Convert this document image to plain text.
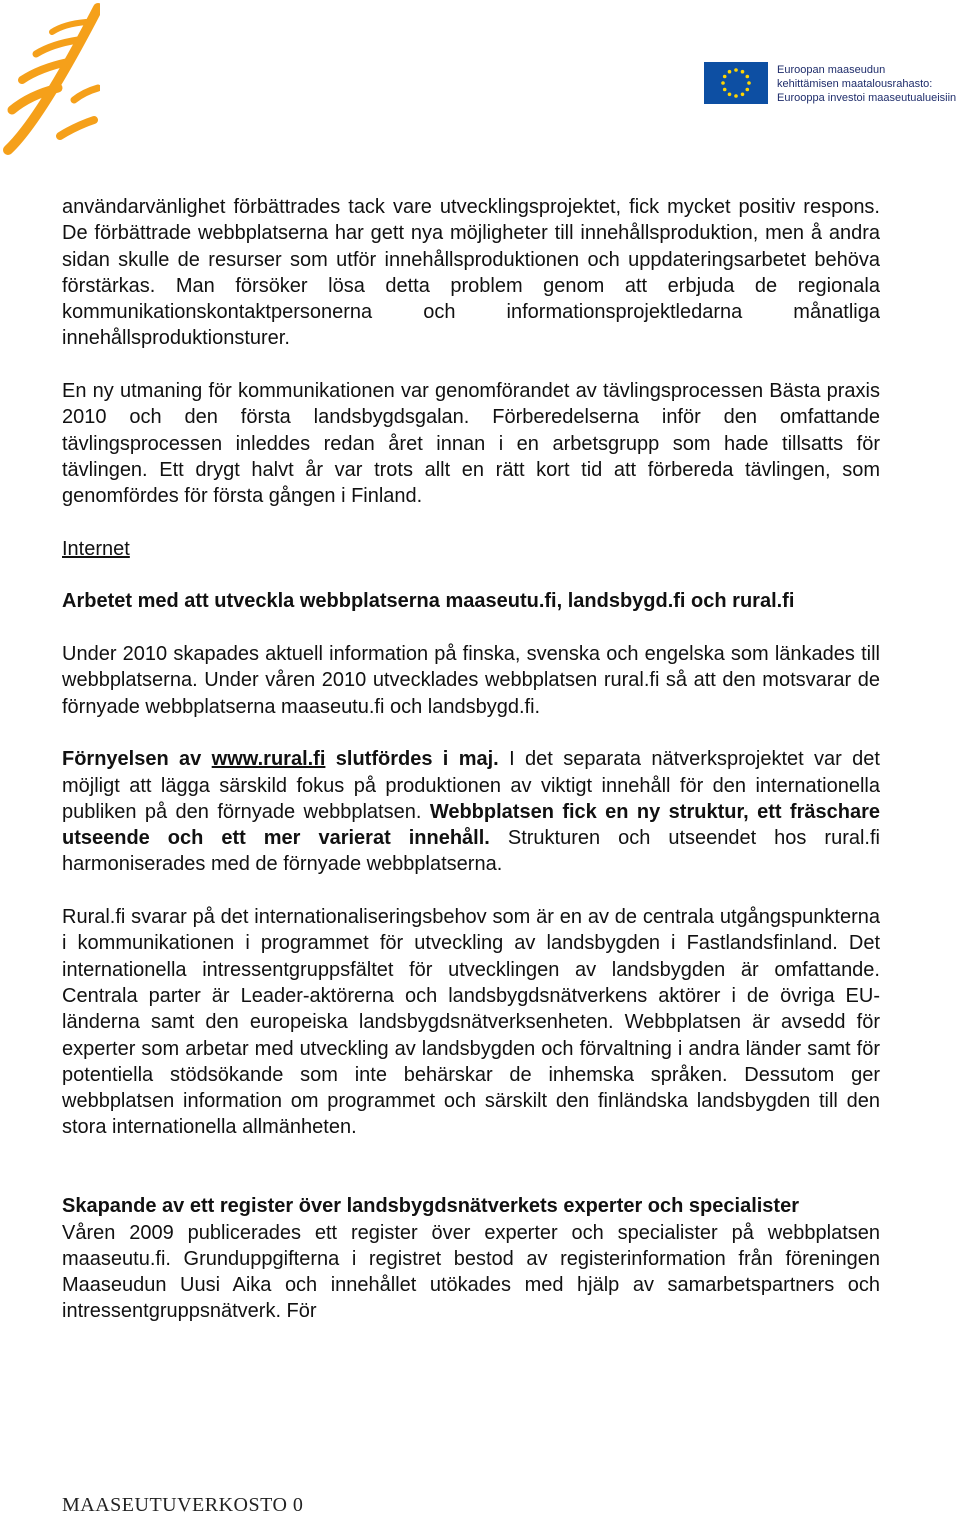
Euroopan maaseudun
kehittämisen maatalousrahasto:
Eurooppa investoi maaseutualueisiin

användarvänlighet förbättrades tack vare utvecklingsprojektet, fick mycket positiv respons. De förbättrade webbplatserna har gett nya möjligheter till innehållsproduktion, men å andra sidan skulle de resurser som utför innehållsproduktionen och uppdateringsarbetet behöva förstärkas. Man försöker lösa detta problem genom att erbjuda de regionala kommunikationskontaktpersonerna och informationsprojektledarna månatliga innehållsproduktionsturer.

En ny utmaning för kommunikationen var genomförandet av tävlingsprocessen Bästa praxis 2010 och den första landsbygdsgalan. Förberedelserna inför den omfattande tävlingsprocessen inleddes redan året innan i en arbetsgrupp som hade tillsatts för tävlingen. Ett drygt halvt år var trots allt en rätt kort tid att förbereda tävlingen, som genomfördes för första gången i Finland.

Internet

Arbetet med att utveckla webbplatserna maaseutu.fi, landsbygd.fi och rural.fi

Under 2010 skapades aktuell information på finska, svenska och engelska som länkades till webbplatserna. Under våren 2010 utvecklades webbplatsen rural.fi så att den motsvarar de förnyade webbplatserna maaseutu.fi och landsbygd.fi.

Förnyelsen av www.rural.fi slutfördes i maj. I det separata nätverksprojektet var det möjligt att lägga särskild fokus på produktionen av viktigt innehåll för den internationella publiken på den förnyade webbplatsen. Webbplatsen fick en ny struktur, ett fräschare utseende och ett mer varierat innehåll. Strukturen och utseendet hos rural.fi harmoniserades med de förnyade webbplatserna.

Rural.fi svarar på det internationaliseringsbehov som är en av de centrala utgångspunkterna i kommunikationen i programmet för utveckling av landsbygden i Fastlandsfinland. Det internationella intressentgruppsfältet för utvecklingen av landsbygden är omfattande. Centrala parter är Leader-aktörerna och landsbygdsnätverkens aktörer i de övriga EU-länderna samt den europeiska landsbygdsnätverksenheten. Webbplatsen är avsedd för experter som arbetar med utveckling av landsbygden och förvaltning i andra länder samt för potentiella stödsökande som inte behärskar de inhemska språken. Dessutom ger webbplatsen information om programmet och särskilt den finländska landsbygden till den stora internationella allmänheten.

Skapande av ett register över landsbygdsnätverkets experter och specialister

Våren 2009 publicerades ett register över experter och specialister på webbplatsen maaseutu.fi. Grunduppgifterna i registret bestod av registerinformation från föreningen Maaseudun Uusi Aika och innehållet utökades med hjälp av samarbetspartners och intressentgruppsnätverk. För

MAASEUTUVERKOSTO 0
